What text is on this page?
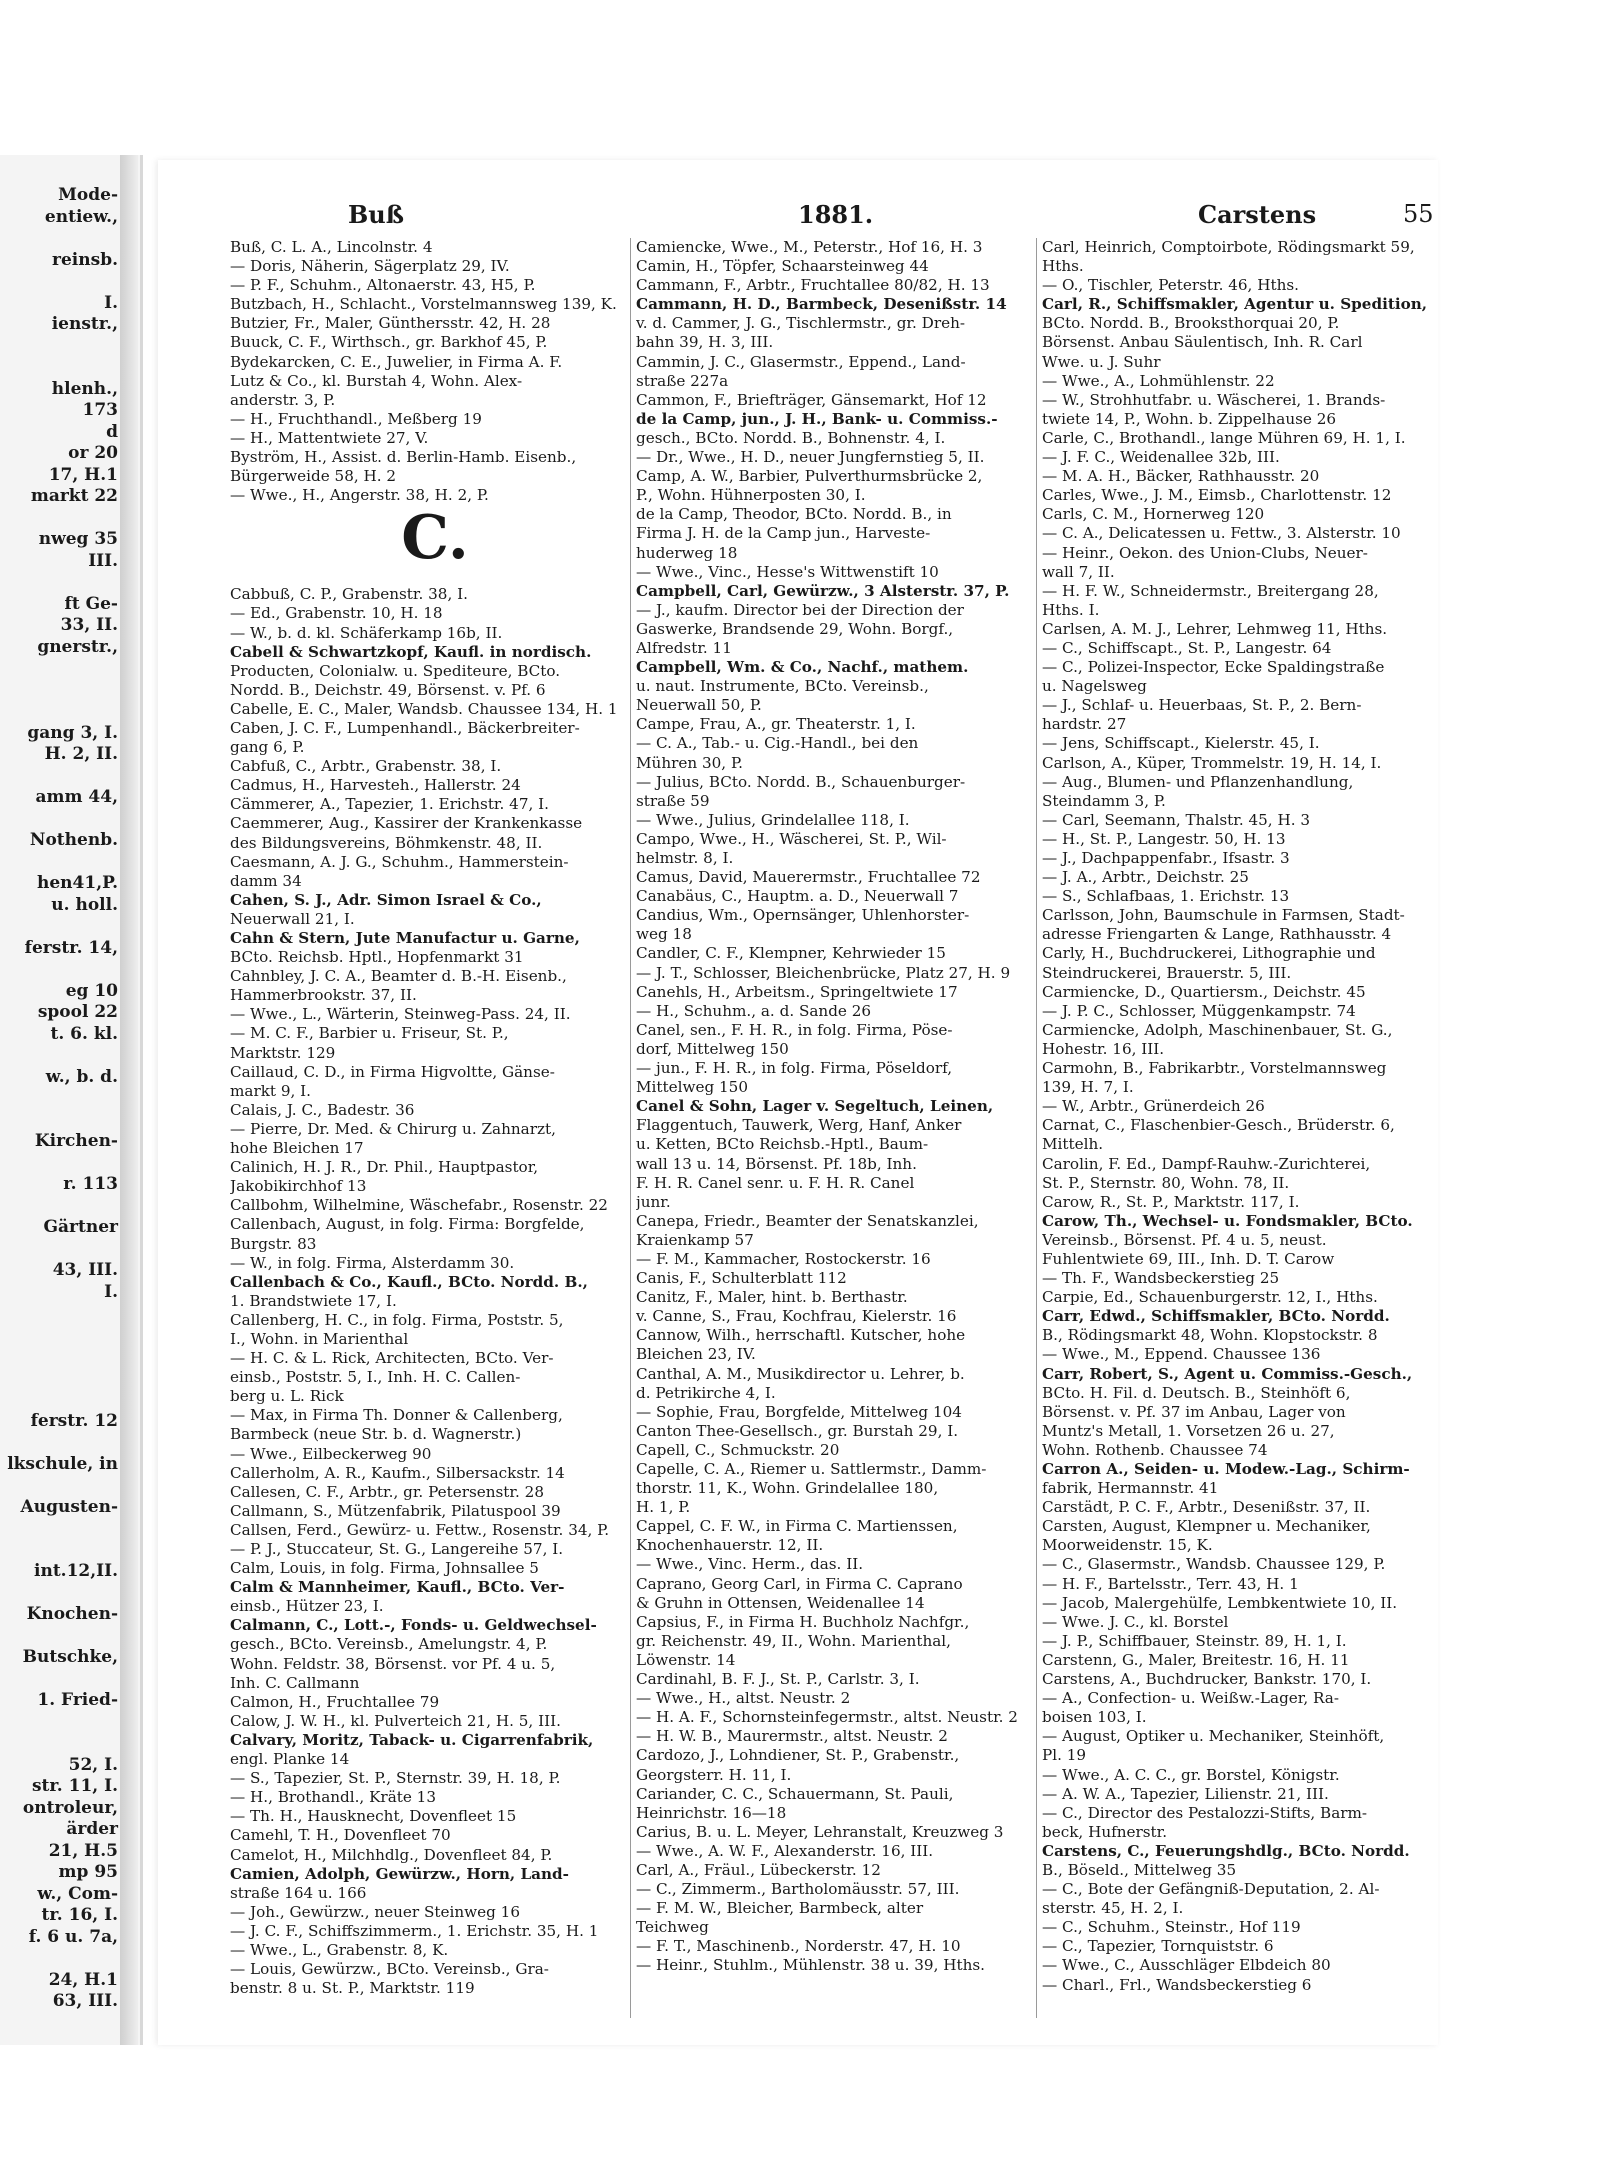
Mode-
entiew.,
reinsb.
I.
ienstr.,
hlenh.,
173
d
or 20
17, H.1
markt 22
nweg 35
III.
ft Ge-
33, II.
gnerstr.,
gang 3, I.
H. 2, II.
amm 44,
Nothenb.
hen41,P.
u. holl.
ferstr. 14,
eg 10
spool 22
t. 6. kl.
w., b. d.
Kirchen-
r. 113
Gärtner
43, III.
I.
ferstr. 12
lkschule, in
Augusten-
int.12,II.
Knochen-
Butschke,
1. Fried-
52, I.
str. 11, I.
ontroleur,
ärder
21, H.5
mp 95
w., Com-
tr. 16, I.
f. 6 u. 7a,
24, H.1
63, III.
Buß	1881.	Carstens	55
Buß, C. L. A., Lincolnstr. 4
— Doris, Näherin, Sägerplatz 29, IV.
— P. F., Schuhm., Altonaerstr. 43, H5, P.
Butzbach, H., Schlacht., Vorstelmannsweg 139, K.
Butzier, Fr., Maler, Günthersstr. 42, H. 28
Buuck, C. F., Wirthsch., gr. Barkhof 45, P.
Bydekarcken, C. E., Juwelier, in Firma A. F.
Lutz & Co., kl. Burstah 4, Wohn. Alex-
anderstr. 3, P.
— H., Fruchthandl., Meßberg 19
— H., Mattentwiete 27, V.
Byström, H., Assist. d. Berlin-Hamb. Eisenb.,
Bürgerweide 58, H. 2
— Wwe., H., Angerstr. 38, H. 2, P.
C.
Cabbuß, C. P., Grabenstr. 38, I.
— Ed., Grabenstr. 10, H. 18
— W., b. d. kl. Schäferkamp 16b, II.
Cabell & Schwartzkopf, Kaufl. in nordisch.
Producten, Colonialw. u. Spediteure, BCto.
Nordd. B., Deichstr. 49, Börsenst. v. Pf. 6
Cabelle, E. C., Maler, Wandsb. Chaussee 134, H. 1
Caben, J. C. F., Lumpenhandl., Bäckerbreiter-
gang 6, P.
Cabfuß, C., Arbtr., Grabenstr. 38, I.
Cadmus, H., Harvesteh., Hallerstr. 24
Cämmerer, A., Tapezier, 1. Erichstr. 47, I.
Caemmerer, Aug., Kassirer der Krankenkasse
des Bildungsvereins, Böhmkenstr. 48, II.
Caesmann, A. J. G., Schuhm., Hammerstein-
damm 34
Cahen, S. J., Adr. Simon Israel & Co.,
Neuerwall 21, I.
Cahn & Stern, Jute Manufactur u. Garne,
BCto. Reichsb. Hptl., Hopfenmarkt 31
Cahnbley, J. C. A., Beamter d. B.-H. Eisenb.,
Hammerbrookstr. 37, II.
— Wwe., L., Wärterin, Steinweg-Pass. 24, II.
— M. C. F., Barbier u. Friseur, St. P.,
Marktstr. 129
Caillaud, C. D., in Firma Higvoltte, Gänse-
markt 9, I.
Calais, J. C., Badestr. 36
— Pierre, Dr. Med. & Chirurg u. Zahnarzt,
hohe Bleichen 17
Calinich, H. J. R., Dr. Phil., Hauptpastor,
Jakobikirchhof 13
Callbohm, Wilhelmine, Wäschefabr., Rosenstr. 22
Callenbach, August, in folg. Firma: Borgfelde,
Burgstr. 83
— W., in folg. Firma, Alsterdamm 30.
Callenbach & Co., Kaufl., BCto. Nordd. B.,
1. Brandstwiete 17, I.
Callenberg, H. C., in folg. Firma, Poststr. 5,
I., Wohn. in Marienthal
— H. C. & L. Rick, Architecten, BCto. Ver-
einsb., Poststr. 5, I., Inh. H. C. Callen-
berg u. L. Rick
— Max, in Firma Th. Donner & Callenberg,
Barmbeck (neue Str. b. d. Wagnerstr.)
— Wwe., Eilbeckerweg 90
Callerholm, A. R., Kaufm., Silbersackstr. 14
Callesen, C. F., Arbtr., gr. Petersenstr. 28
Callmann, S., Mützenfabrik, Pilatuspool 39
Callsen, Ferd., Gewürz- u. Fettw., Rosenstr. 34, P.
— P. J., Stuccateur, St. G., Langereihe 57, I.
Calm, Louis, in folg. Firma, Johnsallee 5
Calm & Mannheimer, Kaufl., BCto. Ver-
einsb., Hützer 23, I.
Calmann, C., Lott.-, Fonds- u. Geldwechsel-
gesch., BCto. Vereinsb., Amelungstr. 4, P.
Wohn. Feldstr. 38, Börsenst. vor Pf. 4 u. 5,
Inh. C. Callmann
Calmon, H., Fruchtallee 79
Calow, J. W. H., kl. Pulverteich 21, H. 5, III.
Calvary, Moritz, Taback- u. Cigarrenfabrik,
engl. Planke 14
— S., Tapezier, St. P., Sternstr. 39, H. 18, P.
— H., Brothandl., Kräte 13
— Th. H., Hausknecht, Dovenfleet 15
Camehl, T. H., Dovenfleet 70
Camelot, H., Milchhdlg., Dovenfleet 84, P.
Camien, Adolph, Gewürzw., Horn, Land-
straße 164 u. 166
— Joh., Gewürzw., neuer Steinweg 16
— J. C. F., Schiffszimmerm., 1. Erichstr. 35, H. 1
— Wwe., L., Grabenstr. 8, K.
— Louis, Gewürzw., BCto. Vereinsb., Gra-
benstr. 8 u. St. P., Marktstr. 119
Camiencke, Wwe., M., Peterstr., Hof 16, H. 3
Camin, H., Töpfer, Schaarsteinweg 44
Cammann, F., Arbtr., Fruchtallee 80/82, H. 13
Cammann, H. D., Barmbeck, Desenißstr. 14
v. d. Cammer, J. G., Tischlermstr., gr. Dreh-
bahn 39, H. 3, III.
Cammin, J. C., Glasermstr., Eppend., Land-
straße 227a
Cammon, F., Briefträger, Gänsemarkt, Hof 12
de la Camp, jun., J. H., Bank- u. Commiss.-
gesch., BCto. Nordd. B., Bohnenstr. 4, I.
— Dr., Wwe., H. D., neuer Jungfernstieg 5, II.
Camp, A. W., Barbier, Pulverthurmsbrücke 2,
P., Wohn. Hühnerposten 30, I.
de la Camp, Theodor, BCto. Nordd. B., in
Firma J. H. de la Camp jun., Harveste-
huderweg 18
— Wwe., Vinc., Hesse's Wittwenstift 10
Campbell, Carl, Gewürzw., 3 Alsterstr. 37, P.
— J., kaufm. Director bei der Direction der
Gaswerke, Brandsende 29, Wohn. Borgf.,
Alfredstr. 11
Campbell, Wm. & Co., Nachf., mathem.
u. naut. Instrumente, BCto. Vereinsb.,
Neuerwall 50, P.
Campe, Frau, A., gr. Theaterstr. 1, I.
— C. A., Tab.- u. Cig.-Handl., bei den
Mühren 30, P.
— Julius, BCto. Nordd. B., Schauenburger-
straße 59
— Wwe., Julius, Grindelallee 118, I.
Campo, Wwe., H., Wäscherei, St. P., Wil-
helmstr. 8, I.
Camus, David, Mauerermstr., Fruchtallee 72
Canabäus, C., Hauptm. a. D., Neuerwall 7
Candius, Wm., Opernsänger, Uhlenhorster-
weg 18
Candler, C. F., Klempner, Kehrwieder 15
— J. T., Schlosser, Bleichenbrücke, Platz 27, H. 9
Canehls, H., Arbeitsm., Springeltwiete 17
— H., Schuhm., a. d. Sande 26
Canel, sen., F. H. R., in folg. Firma, Pöse-
dorf, Mittelweg 150
— jun., F. H. R., in folg. Firma, Pöseldorf,
Mittelweg 150
Canel & Sohn, Lager v. Segeltuch, Leinen,
Flaggentuch, Tauwerk, Werg, Hanf, Anker
u. Ketten, BCto Reichsb.-Hptl., Baum-
wall 13 u. 14, Börsenst. Pf. 18b, Inh.
F. H. R. Canel senr. u. F. H. R. Canel
junr.
Canepa, Friedr., Beamter der Senatskanzlei,
Kraienkamp 57
— F. M., Kammacher, Rostockerstr. 16
Canis, F., Schulterblatt 112
Canitz, F., Maler, hint. b. Berthastr.
v. Canne, S., Frau, Kochfrau, Kielerstr. 16
Cannow, Wilh., herrschaftl. Kutscher, hohe
Bleichen 23, IV.
Canthal, A. M., Musikdirector u. Lehrer, b.
d. Petrikirche 4, I.
— Sophie, Frau, Borgfelde, Mittelweg 104
Canton Thee-Gesellsch., gr. Burstah 29, I.
Capell, C., Schmuckstr. 20
Capelle, C. A., Riemer u. Sattlermstr., Damm-
thorstr. 11, K., Wohn. Grindelallee 180,
H. 1, P.
Cappel, C. F. W., in Firma C. Martienssen,
Knochenhauerstr. 12, II.
— Wwe., Vinc. Herm., das. II.
Caprano, Georg Carl, in Firma C. Caprano
& Gruhn in Ottensen, Weidenallee 14
Capsius, F., in Firma H. Buchholz Nachfgr.,
gr. Reichenstr. 49, II., Wohn. Marienthal,
Löwenstr. 14
Cardinahl, B. F. J., St. P., Carlstr. 3, I.
— Wwe., H., altst. Neustr. 2
— H. A. F., Schornsteinfegermstr., altst. Neustr. 2
— H. W. B., Maurermstr., altst. Neustr. 2
Cardozo, J., Lohndiener, St. P., Grabenstr.,
Georgsterr. H. 11, I.
Cariander, C. C., Schauermann, St. Pauli,
Heinrichstr. 16—18
Carius, B. u. L. Meyer, Lehranstalt, Kreuzweg 3
— Wwe., A. W. F., Alexanderstr. 16, III.
Carl, A., Fräul., Lübeckerstr. 12
— C., Zimmerm., Bartholomäusstr. 57, III.
— F. M. W., Bleicher, Barmbeck, alter
Teichweg
— F. T., Maschinenb., Norderstr. 47, H. 10
— Heinr., Stuhlm., Mühlenstr. 38 u. 39, Hths.
Carl, Heinrich, Comptoirbote, Rödingsmarkt 59,
Hths.
— O., Tischler, Peterstr. 46, Hths.
Carl, R., Schiffsmakler, Agentur u. Spedition,
BCto. Nordd. B., Brooksthorquai 20, P.
Börsenst. Anbau Säulentisch, Inh. R. Carl
Wwe. u. J. Suhr
— Wwe., A., Lohmühlenstr. 22
— W., Strohhutfabr. u. Wäscherei, 1. Brands-
twiete 14, P., Wohn. b. Zippelhause 26
Carle, C., Brothandl., lange Mühren 69, H. 1, I.
— J. F. C., Weidenallee 32b, III.
— M. A. H., Bäcker, Rathhausstr. 20
Carles, Wwe., J. M., Eimsb., Charlottenstr. 12
Carls, C. M., Hornerweg 120
— C. A., Delicatessen u. Fettw., 3. Alsterstr. 10
— Heinr., Oekon. des Union-Clubs, Neuer-
wall 7, II.
— H. F. W., Schneidermstr., Breitergang 28,
Hths. I.
Carlsen, A. M. J., Lehrer, Lehmweg 11, Hths.
— C., Schiffscapt., St. P., Langestr. 64
— C., Polizei-Inspector, Ecke Spaldingstraße
u. Nagelsweg
— J., Schlaf- u. Heuerbaas, St. P., 2. Bern-
hardstr. 27
— Jens, Schiffscapt., Kielerstr. 45, I.
Carlson, A., Küper, Trommelstr. 19, H. 14, I.
— Aug., Blumen- und Pflanzenhandlung,
Steindamm 3, P.
— Carl, Seemann, Thalstr. 45, H. 3
— H., St. P., Langestr. 50, H. 13
— J., Dachpappenfabr., Ifsastr. 3
— J. A., Arbtr., Deichstr. 25
— S., Schlafbaas, 1. Erichstr. 13
Carlsson, John, Baumschule in Farmsen, Stadt-
adresse Friengarten & Lange, Rathhausstr. 4
Carly, H., Buchdruckerei, Lithographie und
Steindruckerei, Brauerstr. 5, III.
Carmiencke, D., Quartiersm., Deichstr. 45
— J. P. C., Schlosser, Müggenkampstr. 74
Carmiencke, Adolph, Maschinenbauer, St. G.,
Hohestr. 16, III.
Carmohn, B., Fabrikarbtr., Vorstelmannsweg
139, H. 7, I.
— W., Arbtr., Grünerdeich 26
Carnat, C., Flaschenbier-Gesch., Brüderstr. 6,
Mittelh.
Carolin, F. Ed., Dampf-Rauhw.-Zurichterei,
St. P., Sternstr. 80, Wohn. 78, II.
Carow, R., St. P., Marktstr. 117, I.
Carow, Th., Wechsel- u. Fondsmakler, BCto.
Vereinsb., Börsenst. Pf. 4 u. 5, neust.
Fuhlentwiete 69, III., Inh. D. T. Carow
— Th. F., Wandsbeckerstieg 25
Carpie, Ed., Schauenburgerstr. 12, I., Hths.
Carr, Edwd., Schiffsmakler, BCto. Nordd.
B., Rödingsmarkt 48, Wohn. Klopstockstr. 8
— Wwe., M., Eppend. Chaussee 136
Carr, Robert, S., Agent u. Commiss.-Gesch.,
BCto. H. Fil. d. Deutsch. B., Steinhöft 6,
Börsenst. v. Pf. 37 im Anbau, Lager von
Muntz's Metall, 1. Vorsetzen 26 u. 27,
Wohn. Rothenb. Chaussee 74
Carron A., Seiden- u. Modew.-Lag., Schirm-
fabrik, Hermannstr. 41
Carstädt, P. C. F., Arbtr., Desenißstr. 37, II.
Carsten, August, Klempner u. Mechaniker,
Moorweidenstr. 15, K.
— C., Glasermstr., Wandsb. Chaussee 129, P.
— H. F., Bartelsstr., Terr. 43, H. 1
— Jacob, Malergehülfe, Lembkentwiete 10, II.
— Wwe. J. C., kl. Borstel
— J. P., Schiffbauer, Steinstr. 89, H. 1, I.
Carstenn, G., Maler, Breitestr. 16, H. 11
Carstens, A., Buchdrucker, Bankstr. 170, I.
— A., Confection- u. Weißw.-Lager, Ra-
boisen 103, I.
— August, Optiker u. Mechaniker, Steinhöft,
Pl. 19
— Wwe., A. C. C., gr. Borstel, Königstr.
— A. W. A., Tapezier, Lilienstr. 21, III.
— C., Director des Pestalozzi-Stifts, Barm-
beck, Hufnerstr.
Carstens, C., Feuerungshdlg., BCto. Nordd.
B., Böseld., Mittelweg 35
— C., Bote der Gefängniß-Deputation, 2. Al-
sterstr. 45, H. 2, I.
— C., Schuhm., Steinstr., Hof 119
— C., Tapezier, Tornquiststr. 6
— Wwe., C., Ausschläger Elbdeich 80
— Charl., Frl., Wandsbeckerstieg 6
